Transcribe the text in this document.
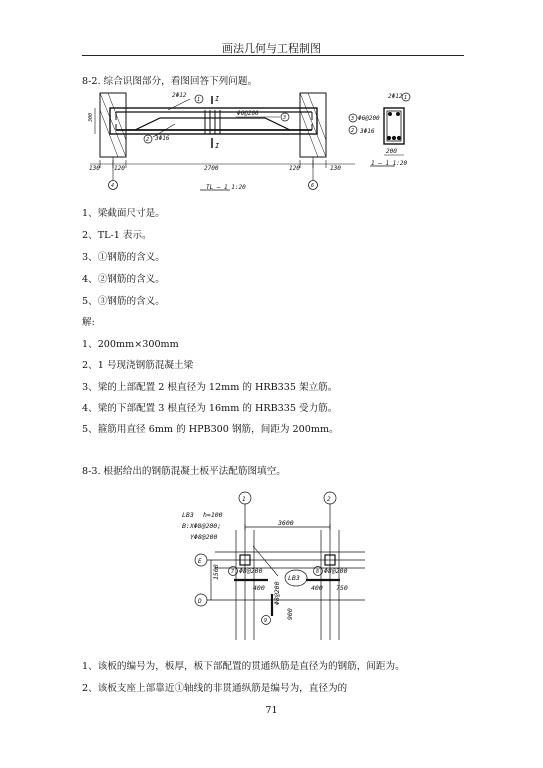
画法几何与工程制图
8-2. 综合识图部分，看图回答下列问题。
2Φ12
1
Φ6@200
3
3Φ16
2
I
I
300
130 120	2700	120	130
4	6
TL — 1 1:20
2Φ12 1
Φ6@200
3
3Φ16
2
200
1 — 1 1:20
1、梁截面尺寸是。
2、TL-1 表示。
3、①钢筋的含义。
4、②钢筋的含义。
5、③钢筋的含义。
解:
1、200mm×300mm
2、1 号现浇钢筋混凝土梁
3、梁的上部配置 2 根直径为 12mm 的 HRB335 架立筋。
4、梁的下部配置 3 根直径为 16mm 的 HRB335 受力筋。
5、箍筋用直径 6mm 的 HPB300 钢筋，间距为 200mm。
8-3. 根据给出的钢筋混凝土板平法配筋图填空。
LB3 h=100
B:XΦ8@200;
YΦ8@200
1	2
E
D
3600
1500 7 Φ8@200	8 Φ8@200
400	400 750
LB3
9
Φ8@200
900
1、该板的编号为，板厚，板下部配置的贯通纵筋是直径为的钢筋，间距为。
2、该板支座上部靠近①轴线的非贯通纵筋是编号为，直径为的
71
